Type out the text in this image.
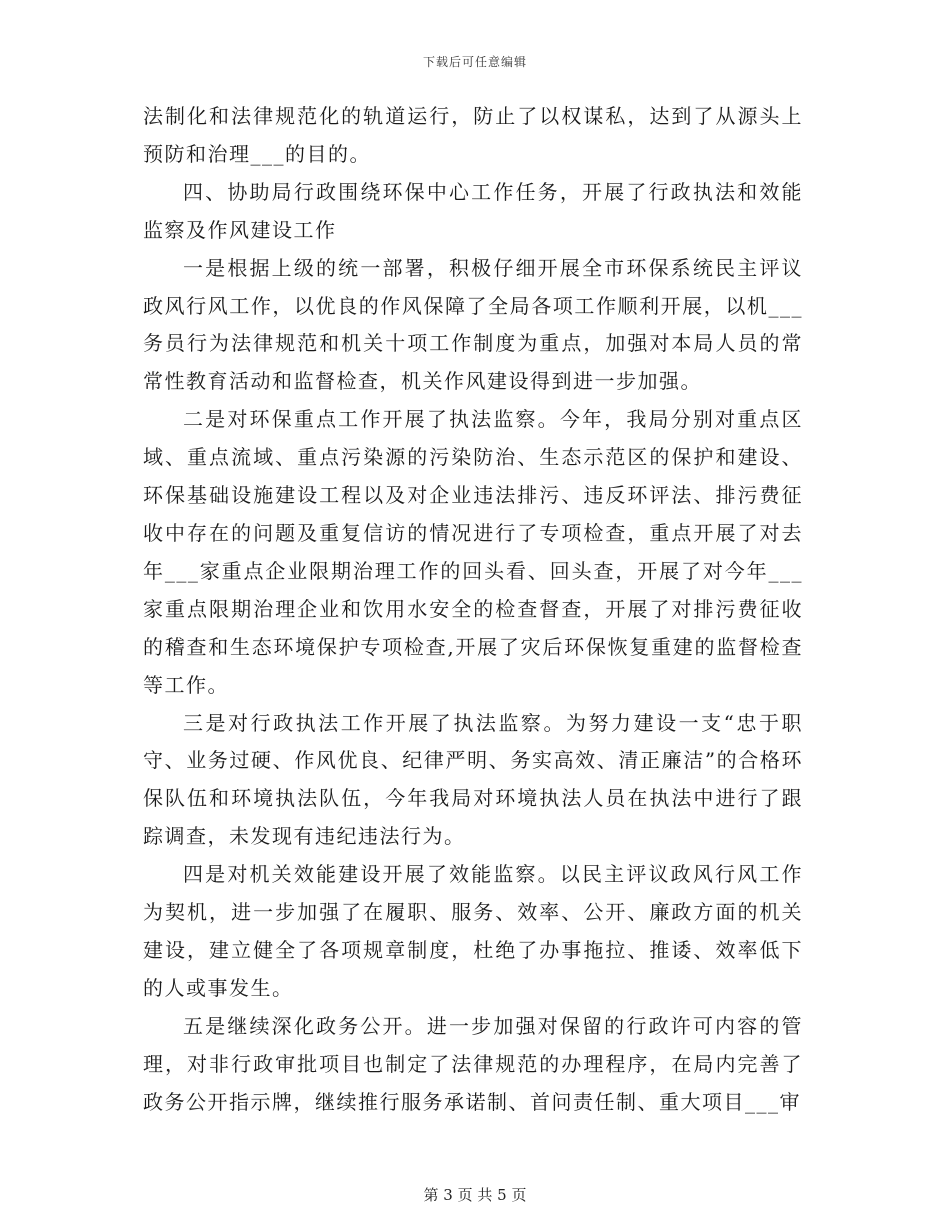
下载后可任意编辑

法制化和法律规范化的轨道运行，防止了以权谋私，达到了从源头上预防和治理___的目的。

四、协助局行政围绕环保中心工作任务，开展了行政执法和效能监察及作风建设工作

一是根据上级的统一部署，积极仔细开展全市环保系统民主评议政风行风工作，以优良的作风保障了全局各项工作顺利开展，以机___务员行为法律规范和机关十项工作制度为重点，加强对本局人员的常常性教育活动和监督检查，机关作风建设得到进一步加强。

二是对环保重点工作开展了执法监察。今年，我局分别对重点区域、重点流域、重点污染源的污染防治、生态示范区的保护和建设、环保基础设施建设工程以及对企业违法排污、违反环评法、排污费征收中存在的问题及重复信访的情况进行了专项检查，重点开展了对去年___家重点企业限期治理工作的回头看、回头查，开展了对今年___家重点限期治理企业和饮用水安全的检查督查，开展了对排污费征收的稽查和生态环境保护专项检查,开展了灾后环保恢复重建的监督检查等工作。

三是对行政执法工作开展了执法监察。为努力建设一支“忠于职守、业务过硬、作风优良、纪律严明、务实高效、清正廉洁”的合格环保队伍和环境执法队伍，今年我局对环境执法人员在执法中进行了跟踪调查，未发现有违纪违法行为。

四是对机关效能建设开展了效能监察。以民主评议政风行风工作为契机，进一步加强了在履职、服务、效率、公开、廉政方面的机关建设，建立健全了各项规章制度，杜绝了办事拖拉、推诿、效率低下的人或事发生。

五是继续深化政务公开。进一步加强对保留的行政许可内容的管理，对非行政审批项目也制定了法律规范的办理程序，在局内完善了政务公开指示牌，继续推行服务承诺制、首问责任制、重大项目___审

第 3 页 共 5 页
